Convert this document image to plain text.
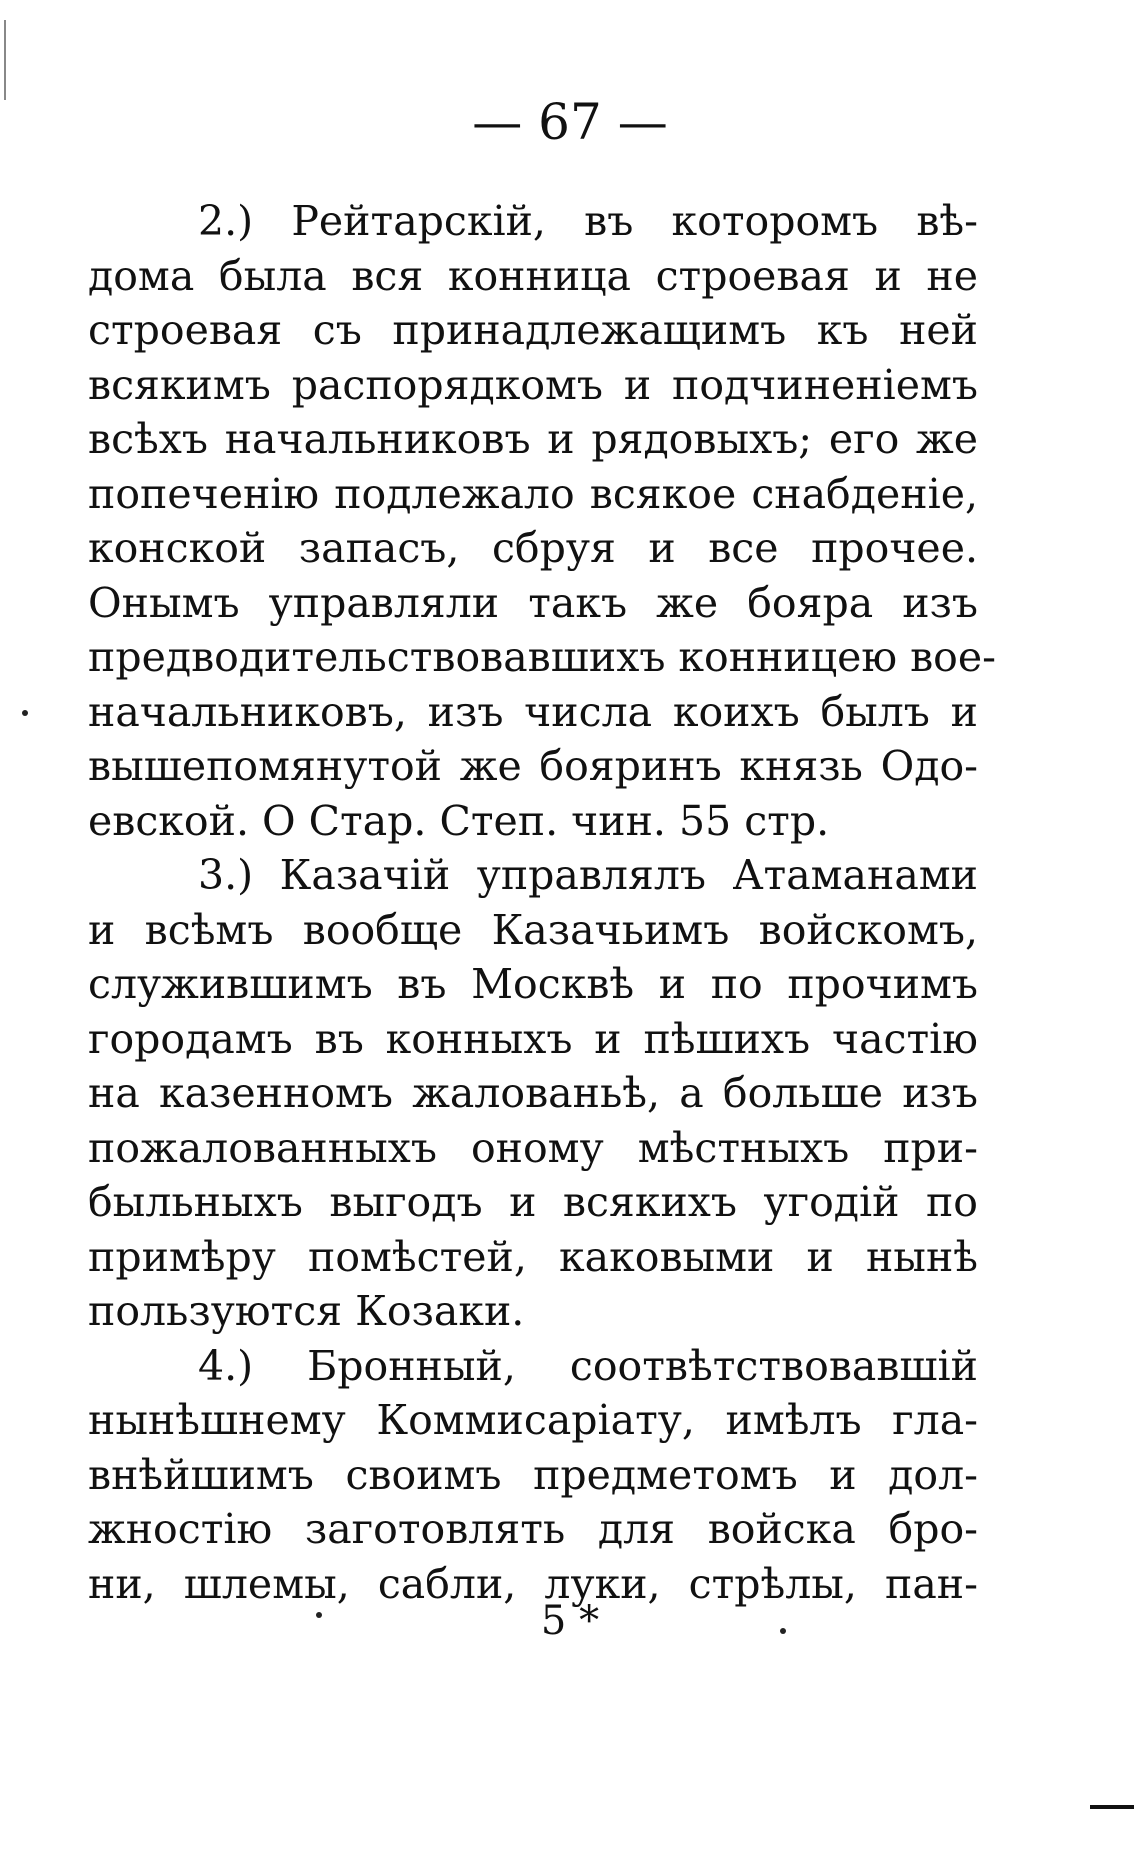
— 67 —
2.) Рейтарскій, въ которомъ вѣ-
дома была вся конница строевая и не
строевая съ принадлежащимъ къ ней
всякимъ распорядкомъ и подчиненіемъ
всѣхъ начальниковъ и рядовыхъ; его же
попеченію подлежало всякое снабденіе,
конской запасъ, сбруя и все прочее.
Онымъ управляли такъ же бояра изъ
предводительствовавшихъ конницею вое-
начальниковъ, изъ числа коихъ былъ и
вышепомянутой же бояринъ князь Одо-
евской. О Стар. Степ. чин. 55 стр.
3.) Казачій управлялъ Атаманами
и всѣмъ вообще Казачьимъ войскомъ,
служившимъ въ Москвѣ и по прочимъ
городамъ въ конныхъ и пѣшихъ частію
на казенномъ жалованьѣ, а больше изъ
пожалованныхъ оному мѣстныхъ при-
быльныхъ выгодъ и всякихъ угодій по
примѣру помѣстей, каковыми и нынѣ
пользуются Козаки.
4.) Бронный, соотвѣтствовавшій
нынѣшнему Коммисаріату, имѣлъ гла-
внѣйшимъ своимъ предметомъ и дол-
жностію заготовлять для войска бро-
ни, шлемы, сабли, луки, стрѣлы, пан-
5 *
